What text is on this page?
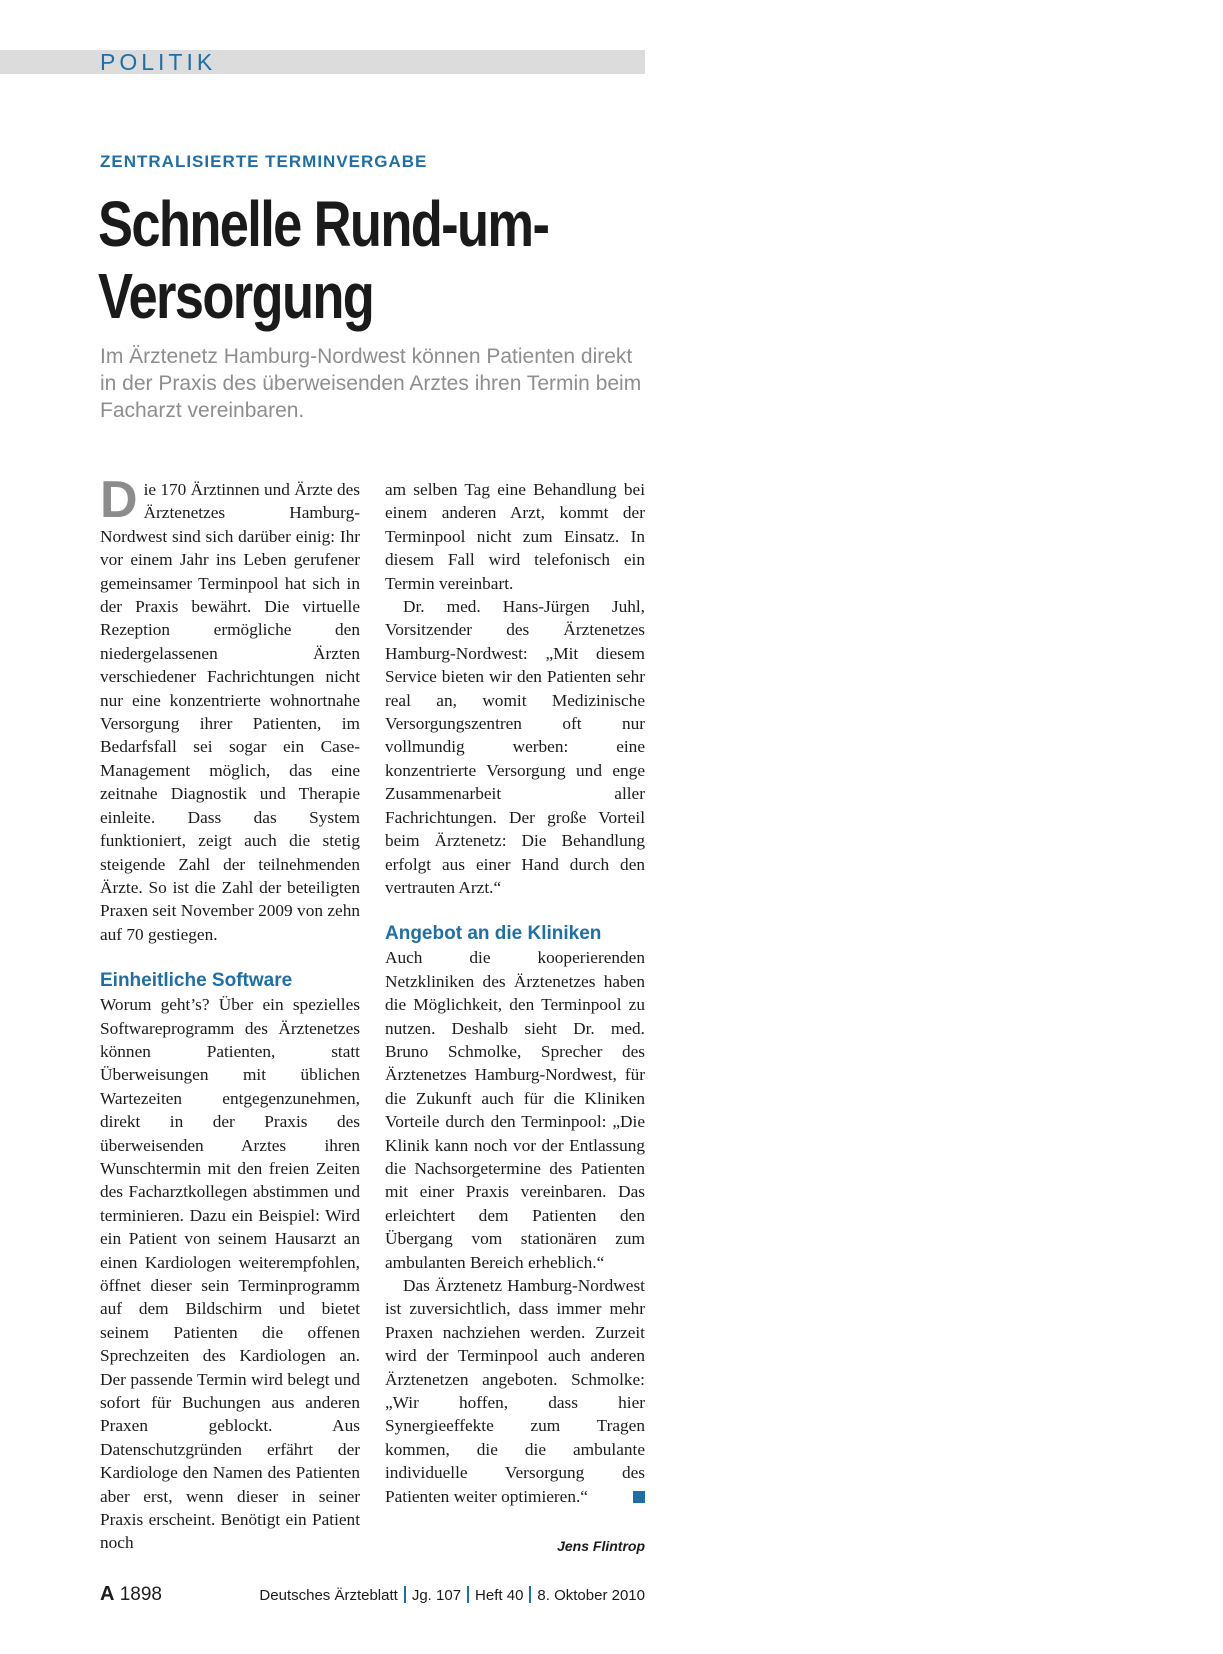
POLITIK
ZENTRALISIERTE TERMINVERGABE
Schnelle Rund-um-
Versorgung
Im Ärztenetz Hamburg-Nordwest können Patienten direkt in der Praxis des überweisenden Arztes ihren Termin beim Facharzt vereinbaren.

Die 170 Ärztinnen und Ärzte des Ärztenetzes Hamburg-Nordwest sind sich darüber einig: Ihr vor einem Jahr ins Leben gerufener gemeinsamer Terminpool hat sich in der Praxis bewährt. Die virtuelle Rezeption ermögliche den niedergelassenen Ärzten verschiedener Fachrichtungen nicht nur eine konzentrierte wohnortnahe Versorgung ihrer Patienten, im Bedarfsfall sei sogar ein Case-Management möglich, das eine zeitnahe Diagnostik und Therapie einleite. Dass das System funktioniert, zeigt auch die stetig steigende Zahl der teilnehmenden Ärzte. So ist die Zahl der beteiligten Praxen seit November 2009 von zehn auf 70 gestiegen.

Einheitliche Software

Worum geht’s? Über ein spezielles Softwareprogramm des Ärztenetzes können Patienten, statt Überweisungen mit üblichen Wartezeiten entgegenzunehmen, direkt in der Praxis des überweisenden Arztes ihren Wunschtermin mit den freien Zeiten des Facharztkollegen abstimmen und terminieren. Dazu ein Beispiel: Wird ein Patient von seinem Hausarzt an einen Kardiologen weiterempfohlen, öffnet dieser sein Terminprogramm auf dem Bildschirm und bietet seinem Patienten die offenen Sprechzeiten des Kardiologen an. Der passende Termin wird belegt und sofort für Buchungen aus anderen Praxen geblockt. Aus Datenschutzgründen erfährt der Kardiologe den Namen des Patienten aber erst, wenn dieser in seiner Praxis erscheint. Benötigt ein Patient noch

am selben Tag eine Behandlung bei einem anderen Arzt, kommt der Terminpool nicht zum Einsatz. In diesem Fall wird telefonisch ein Termin vereinbart.

Dr. med. Hans-Jürgen Juhl, Vorsitzender des Ärztenetzes Hamburg-Nordwest: „Mit diesem Service bieten wir den Patienten sehr real an, womit Medizinische Versorgungszentren oft nur vollmundig werben: eine konzentrierte Versorgung und enge Zusammenarbeit aller Fachrichtungen. Der große Vorteil beim Ärztenetz: Die Behandlung erfolgt aus einer Hand durch den vertrauten Arzt.“

Angebot an die Kliniken

Auch die kooperierenden Netzkliniken des Ärztenetzes haben die Möglichkeit, den Terminpool zu nutzen. Deshalb sieht Dr. med. Bruno Schmolke, Sprecher des Ärztenetzes Hamburg-Nordwest, für die Zukunft auch für die Kliniken Vorteile durch den Terminpool: „Die Klinik kann noch vor der Entlassung die Nachsorgetermine des Patienten mit einer Praxis vereinbaren. Das erleichtert dem Patienten den Übergang vom stationären zum ambulanten Bereich erheblich.“

Das Ärztenetz Hamburg-Nordwest ist zuversichtlich, dass immer mehr Praxen nachziehen werden. Zurzeit wird der Terminpool auch anderen Ärztenetzen angeboten. Schmolke: „Wir hoffen, dass hier Synergieeffekte zum Tragen kommen, die die ambulante individuelle Versorgung des Patienten weiter optimieren.“

Jens Flintrop
A 1898	Deutsches Ärzteblatt Jg. 107 Heft 40 8. Oktober 2010
